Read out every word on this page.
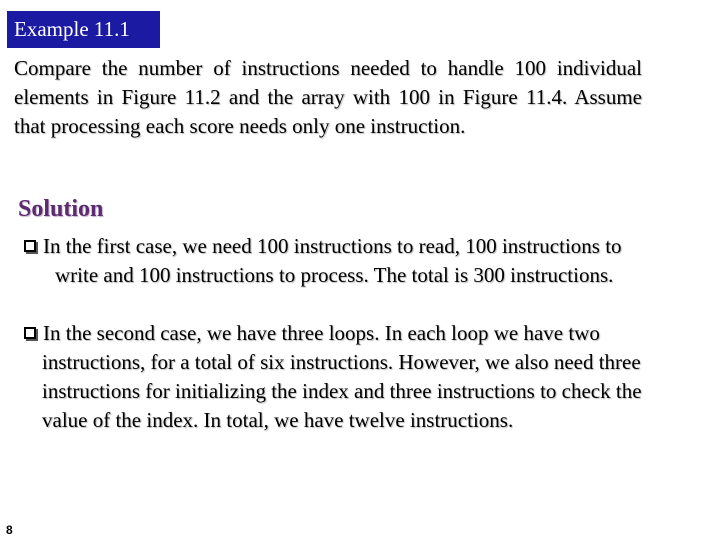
Example 11.1
Compare the number of instructions needed to handle 100 individual elements in Figure 11.2 and the array with 100 in Figure 11.4. Assume that processing each score needs only one instruction.
Solution
In the first case, we need 100 instructions to read, 100 instructions to write and 100 instructions to process. The total is 300 instructions.
In the second case, we have three loops. In each loop we have two instructions, for a total of six instructions. However, we also need three instructions for initializing the index and three instructions to check the value of the index. In total, we have twelve instructions.
8
